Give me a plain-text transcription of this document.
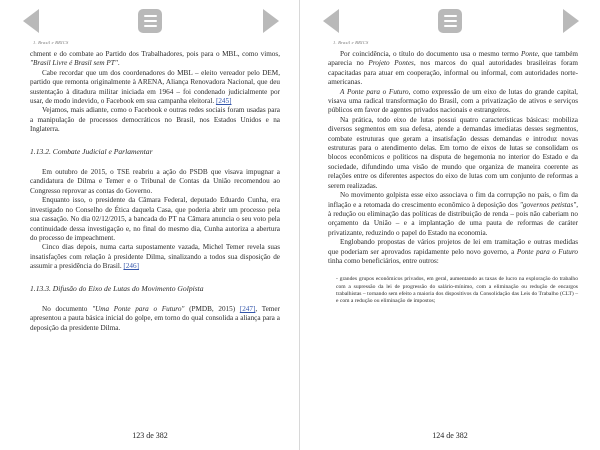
1. Brasil e BRICS

chment e do combate ao Partido dos Trabalhadores, pois para o MBL, como vimos, "Brasil Livre é Brasil sem PT".

Cabe recordar que um dos coordenadores do MBL – eleito vereador pelo DEM, partido que remonta originalmente à ARENA, Aliança Renovadora Nacional, que deu sustentação à ditadura militar iniciada em 1964 – foi condenado judicialmente por usar, de modo indevido, o Facebook em sua campanha eleitoral. [245]

Vejamos, mais adiante, como o Facebook e outras redes sociais foram usadas para a manipulação de processos democráticos no Brasil, nos Estados Unidos e na Inglaterra.

1.13.2. Combate Judicial e Parlamentar

Em outubro de 2015, o TSE reabriu a ação do PSDB que visava impugnar a candidatura de Dilma e Temer e o Tribunal de Contas da União recomendou ao Congresso reprovar as contas do Governo.

Enquanto isso, o presidente da Câmara Federal, deputado Eduardo Cunha, era investigado no Conselho de Ética daquela Casa, que poderia abrir um processo pela sua cassação. No dia 02/12/2015, a bancada do PT na Câmara anuncia o seu voto pela continuidade dessa investigação e, no final do mesmo dia, Cunha autoriza a abertura do processo de impeachment.

Cinco dias depois, numa carta supostamente vazada, Michel Temer revela suas insatisfações com relação à presidente Dilma, sinalizando a todos sua disposição de assumir a presidência do Brasil. [246]

1.13.3. Difusão do Eixo de Lutas do Movimento Golpista

No documento "Uma Ponte para o Futuro" (PMDB, 2015) [247], Temer apresentou a pauta básica inicial do golpe, em torno do qual consolida a aliança para a deposição da presidente Dilma.

123 de 382
1. Brasil e BRICS

Por coincidência, o título do documento usa o mesmo termo Ponte, que também aparecia no Projeto Pontes, nos marcos do qual autoridades brasileiras foram capacitadas para atuar em cooperação, informal ou informal, com autoridades norte-americanas.

A Ponte para o Futuro, como expressão de um eixo de lutas do grande capital, visava uma radical transformação do Brasil, com a privatização de ativos e serviços públicos em favor de agentes privados nacionais e estrangeiros.

Na prática, todo eixo de lutas possui quatro características básicas: mobiliza diversos segmentos em sua defesa, atende a demandas imediatas desses segmentos, combate estruturas que geram a insatisfação dessas demandas e introduz novas estruturas para o atendimento delas. Em torno de eixos de lutas se consolidam os blocos econômicos e políticos na disputa de hegemonia no interior do Estado e da sociedade, difundindo uma visão de mundo que organiza de maneira coerente as relações entre os diferentes aspectos do eixo de lutas com um conjunto de reformas a serem realizadas.

No movimento golpista esse eixo associava o fim da corrupção no país, o fim da inflação e a retomada do crescimento econômico à deposição dos "governos petistas", à redução ou eliminação das políticas de distribuição de renda – pois não caberiam no orçamento da União – e a implantação de uma pauta de reformas de caráter privatizante, reduzindo o papel do Estado na economia.

Englobando propostas de vários projetos de lei em tramitação e outras medidas que poderiam ser aprovados rapidamente pelo novo governo, a Ponte para o Futuro tinha como beneficiários, entre outros:

- grandes grupos econômicos privados, em geral, aumentando as taxas de lucro na exploração do trabalho com a supressão da lei de progressão do salário-mínimo, com a eliminação ou redução de encargos trabalhistas – tornando sem efeito a maioria dos dispositivos da Consolidação das Leis do Trabalho (CLT) – e com a redução ou eliminação de impostos;

124 de 382
